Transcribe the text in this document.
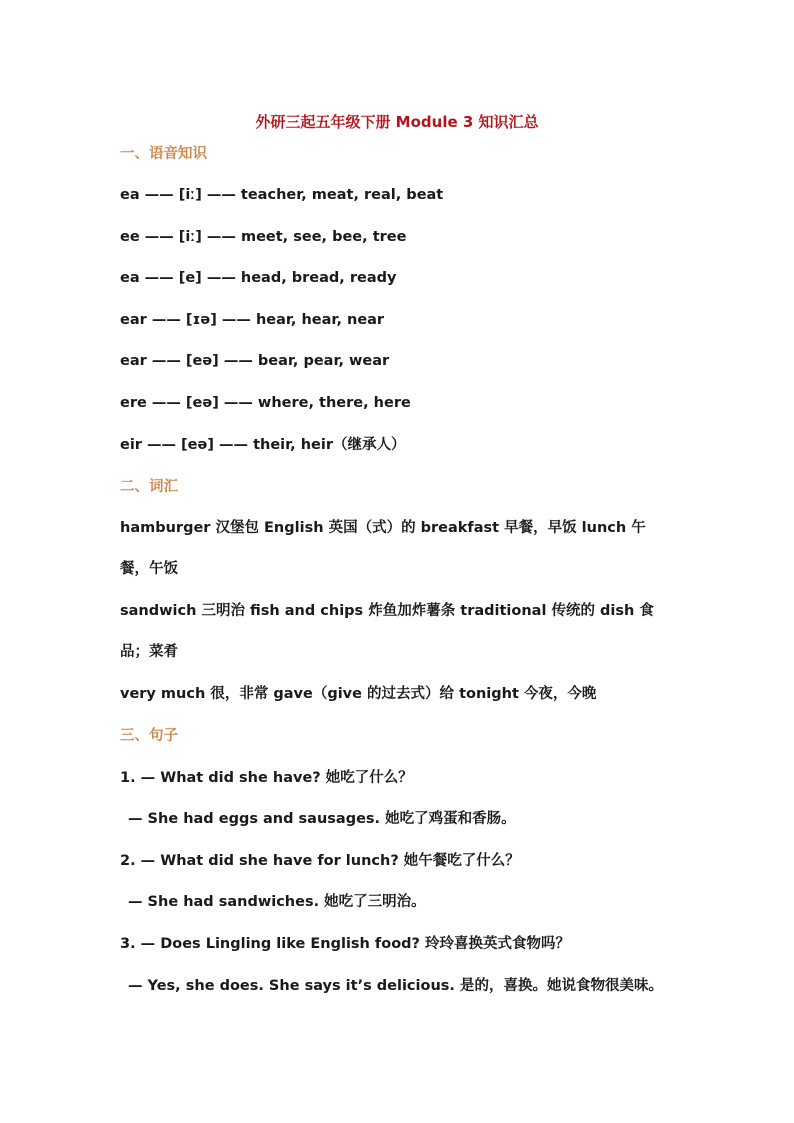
外研三起五年级下册 Module 3 知识汇总
一、语音知识
ea —— [iː] —— teacher, meat, real, beat
ee —— [iː] —— meet, see, bee, tree
ea —— [e] —— head, bread, ready
ear —— [ɪə] —— hear, hear, near
ear —— [eə] —— bear, pear, wear
ere —— [eə] —— where, there, here
eir —— [eə] —— their, heir（继承人）
二、词汇
hamburger 汉堡包 English 英国（式）的 breakfast 早餐，早饭 lunch 午
餐，午饭
sandwich 三明治 fish and chips 炸鱼加炸薯条 traditional 传统的 dish 食
品；菜肴
very much 很，非常 gave（give 的过去式）给 tonight 今夜，今晚
三、句子
1. — What did she have? 她吃了什么？
— She had eggs and sausages. 她吃了鸡蛋和香肠。
2. — What did she have for lunch? 她午餐吃了什么？
— She had sandwiches. 她吃了三明治。
3. — Does Lingling like English food? 玲玲喜换英式食物吗？
— Yes, she does. She says it’s delicious. 是的，喜换。她说食物很美味。
